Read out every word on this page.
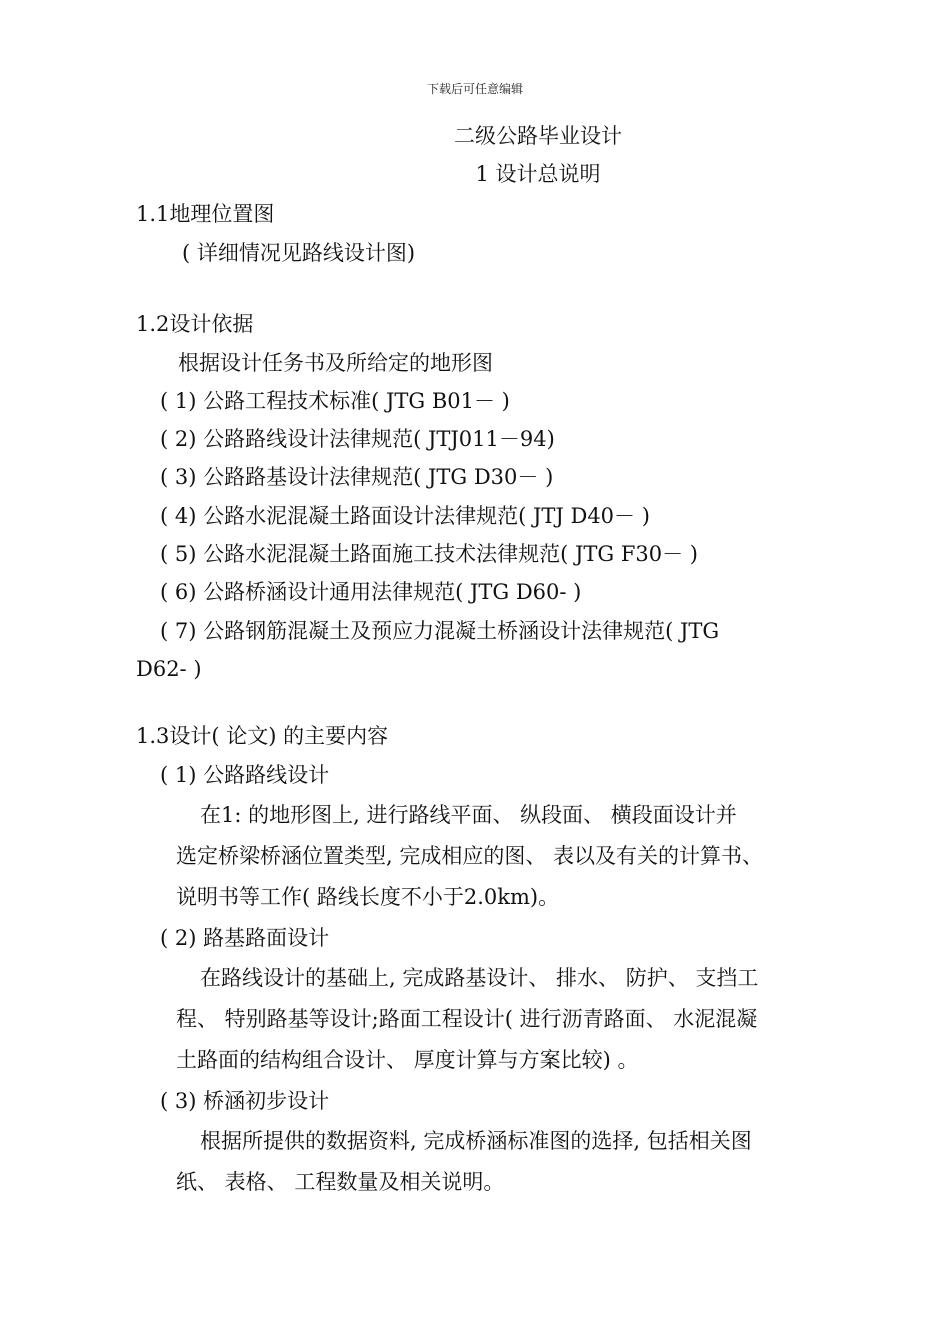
下载后可任意编辑
二级公路毕业设计
1 设计总说明
1.1地理位置图
( 详细情况见路线设计图)
1.2设计依据
根据设计任务书及所给定的地形图
( 1) 公路工程技术标准( JTG B01－ )
( 2) 公路路线设计法律规范( JTJ011－94)
( 3) 公路路基设计法律规范( JTG D30－ )
( 4) 公路水泥混凝土路面设计法律规范( JTJ D40－ )
( 5) 公路水泥混凝土路面施工技术法律规范( JTG F30－ )
( 6) 公路桥涵设计通用法律规范( JTG D60- )
( 7) 公路钢筋混凝土及预应力混凝土桥涵设计法律规范( JTG
D62- )
1.3设计( 论文) 的主要内容
( 1) 公路路线设计
在1: 的地形图上, 进行路线平面、 纵段面、 横段面设计并
选定桥梁桥涵位置类型, 完成相应的图、 表以及有关的计算书、
说明书等工作( 路线长度不小于2.0km)。
( 2) 路基路面设计
在路线设计的基础上, 完成路基设计、 排水、 防护、 支挡工
程、 特别路基等设计;路面工程设计( 进行沥青路面、 水泥混凝
土路面的结构组合设计、 厚度计算与方案比较) 。
( 3) 桥涵初步设计
根据所提供的数据资料, 完成桥涵标准图的选择, 包括相关图
纸、 表格、 工程数量及相关说明。
